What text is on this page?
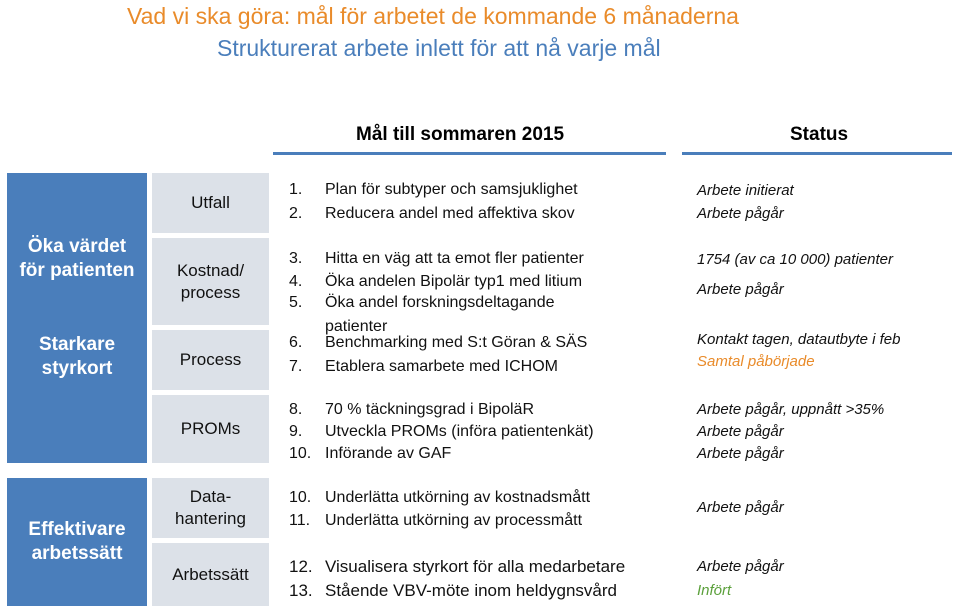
Vad vi ska göra: mål för arbetet de kommande 6 månaderna
Strukturerat arbete inlett för att nå varje mål
Mål till sommaren 2015	Status
Öka värdet för patienten
Starkare styrkort
Effektivare arbetssätt
Utfall
Kostnad/ process
Process
PROMs
Data-hantering
Arbetssätt
1. Plan för subtyper och samsjuklighet
2. Reducera andel med affektiva skov
3. Hitta en väg att ta emot fler patienter
4. Öka andelen Bipolär typ1 med litium
5. Öka andel forskningsdeltagande
patienter
6. Benchmarking med S:t Göran & SÄS
7. Etablera samarbete med ICHOM
8. 70 % täckningsgrad i BipoläR
9. Utveckla PROMs (införa patientenkät)
10. Införande av GAF
10. Underlätta utkörning av kostnadsmått
11. Underlätta utkörning av processmått
12. Visualisera styrkort för alla medarbetare
13. Stående VBV-möte inom heldygnsvård
Arbete initierat
Arbete pågår
1754 (av ca 10 000) patienter
Arbete pågår
Kontakt tagen, datautbyte i feb
Samtal påbörjade
Arbete pågår, uppnått >35%
Arbete pågår
Arbete pågår
Arbete pågår
Arbete pågår
Infört
